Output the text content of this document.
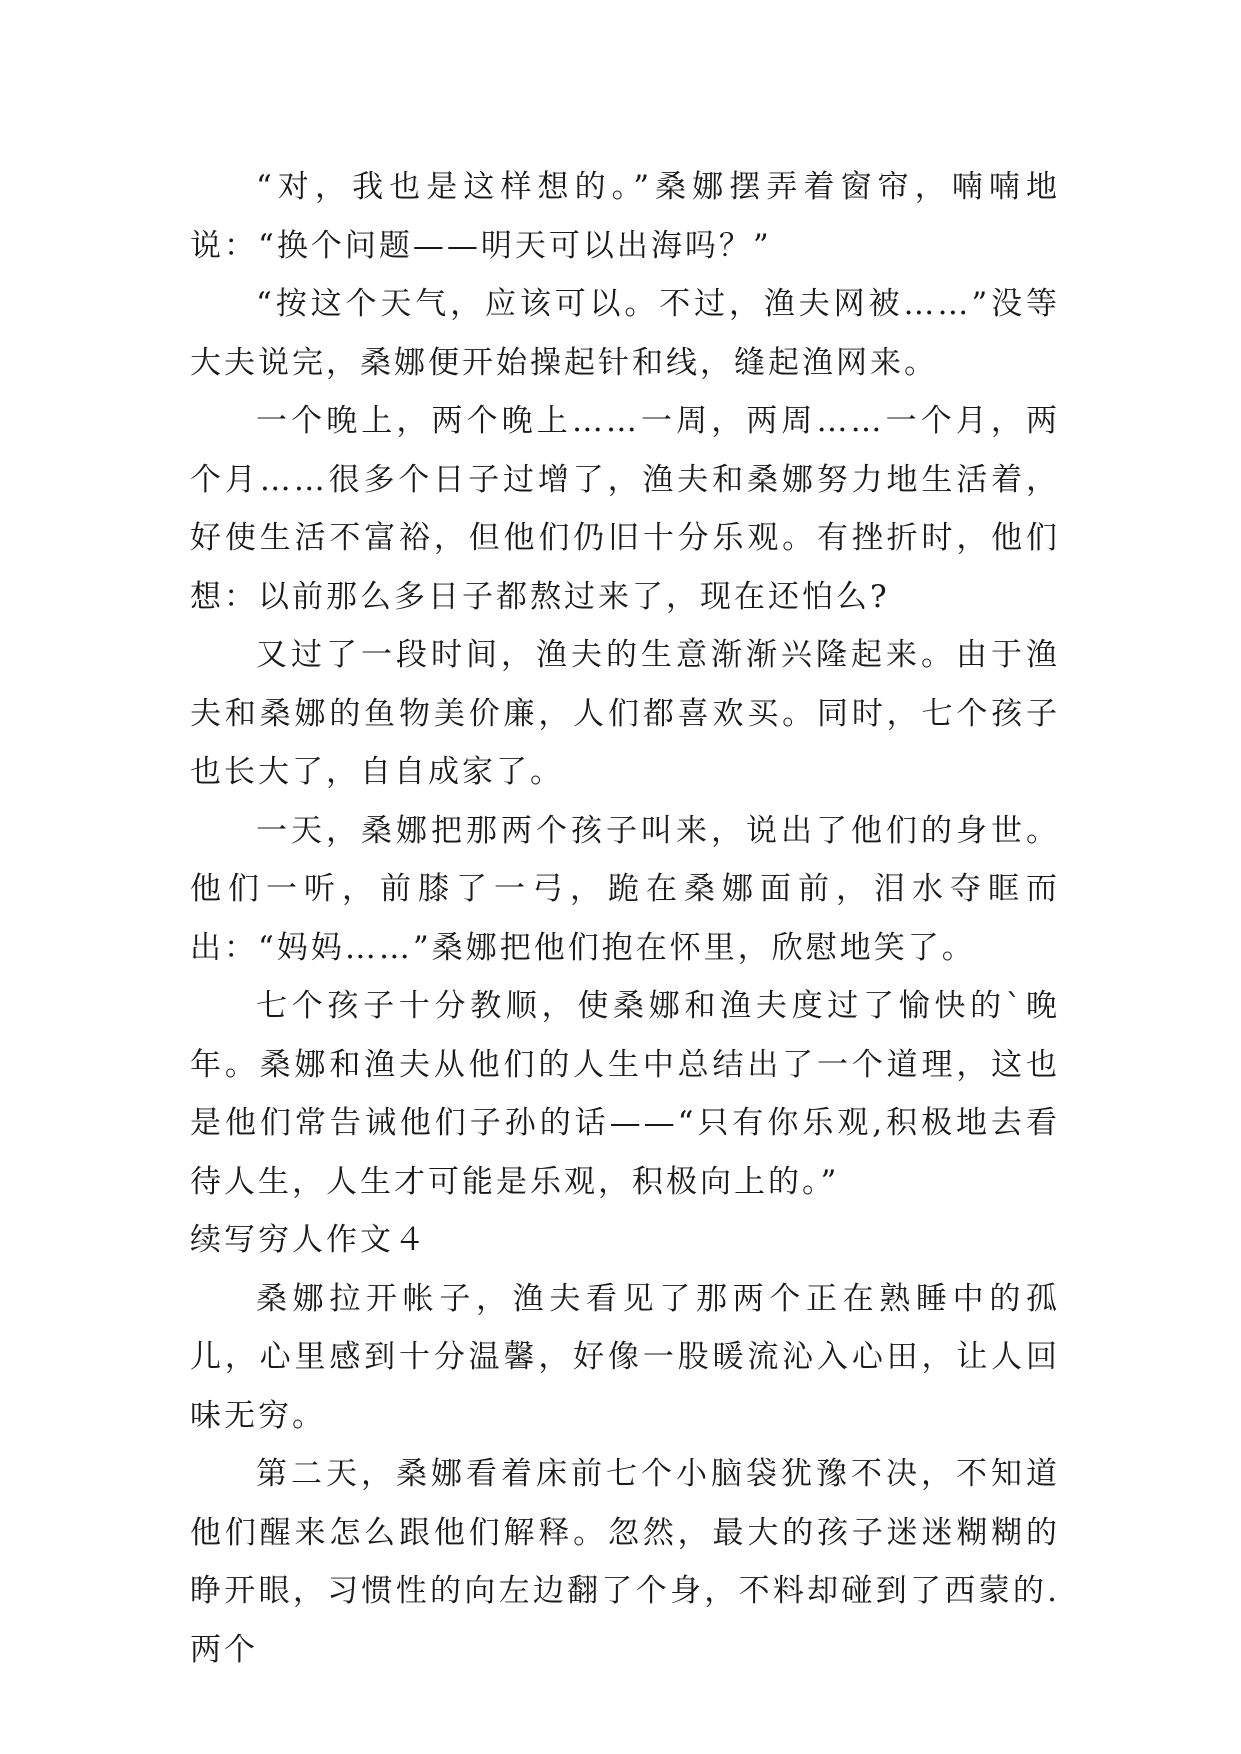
“对，我也是这样想的。”桑娜摆弄着窗帘，喃喃地说：“换个问题——明天可以出海吗？”

“按这个天气，应该可以。不过，渔夫网被……”没等大夫说完，桑娜便开始操起针和线，缝起渔网来。

一个晚上，两个晚上……一周，两周……一个月，两个月……很多个日子过增了，渔夫和桑娜努力地生活着，好使生活不富裕，但他们仍旧十分乐观。有挫折时，他们想：以前那么多日子都熬过来了，现在还怕么?

又过了一段时间，渔夫的生意渐渐兴隆起来。由于渔夫和桑娜的鱼物美价廉，人们都喜欢买。同时，七个孩子也长大了，自自成家了。

一天，桑娜把那两个孩子叫来，说出了他们的身世。他们一听，前膝了一弓，跪在桑娜面前，泪水夺眶而出：“妈妈……”桑娜把他们抱在怀里，欣慰地笑了。

七个孩子十分教顺，使桑娜和渔夫度过了愉快的`晚年。桑娜和渔夫从他们的人生中总结出了一个道理，这也是他们常告诫他们子孙的话——“只有你乐观,积极地去看待人生，人生才可能是乐观，积极向上的。”

续写穷人作文４

桑娜拉开帐子，渔夫看见了那两个正在熟睡中的孤儿，心里感到十分温馨，好像一股暖流沁入心田，让人回味无穷。

第二天，桑娜看着床前七个小脑袋犹豫不决，不知道他们醒来怎么跟他们解释。忽然，最大的孩子迷迷糊糊的睁开眼，习惯性的向左边翻了个身，不料却碰到了西蒙的.两个
